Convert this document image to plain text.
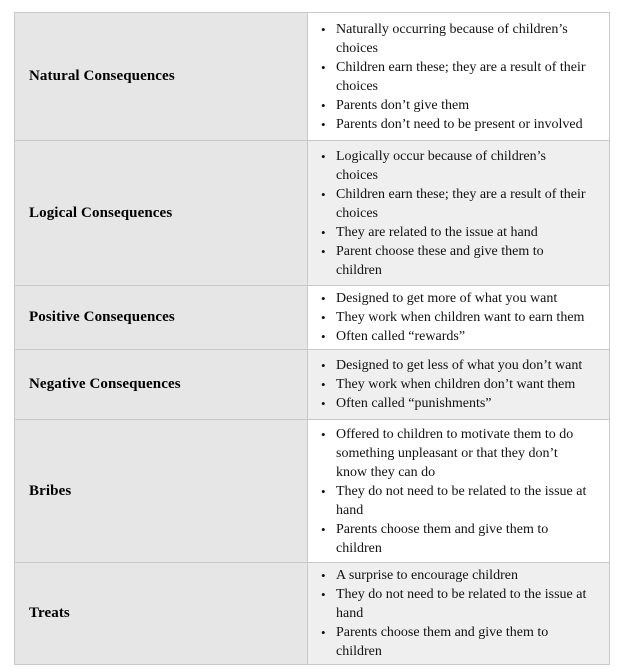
Natural Consequences
• Naturally occurring because of children’s
choices
• Children earn these; they are a result of their
choices
• Parents don’t give them
• Parents don’t need to be present or involved
Logical Consequences
• Logically occur because of children’s
choices
• Children earn these; they are a result of their
choices
• They are related to the issue at hand
• Parent choose these and give them to
children
Positive Consequences
• Designed to get more of what you want
• They work when children want to earn them
• Often called “rewards”
Negative Consequences
• Designed to get less of what you don’t want
• They work when children don’t want them
• Often called “punishments”
Bribes
• Offered to children to motivate them to do
something unpleasant or that they don’t
know they can do
• They do not need to be related to the issue at
hand
• Parents choose them and give them to
children
Treats
• A surprise to encourage children
• They do not need to be related to the issue at
hand
• Parents choose them and give them to
children
